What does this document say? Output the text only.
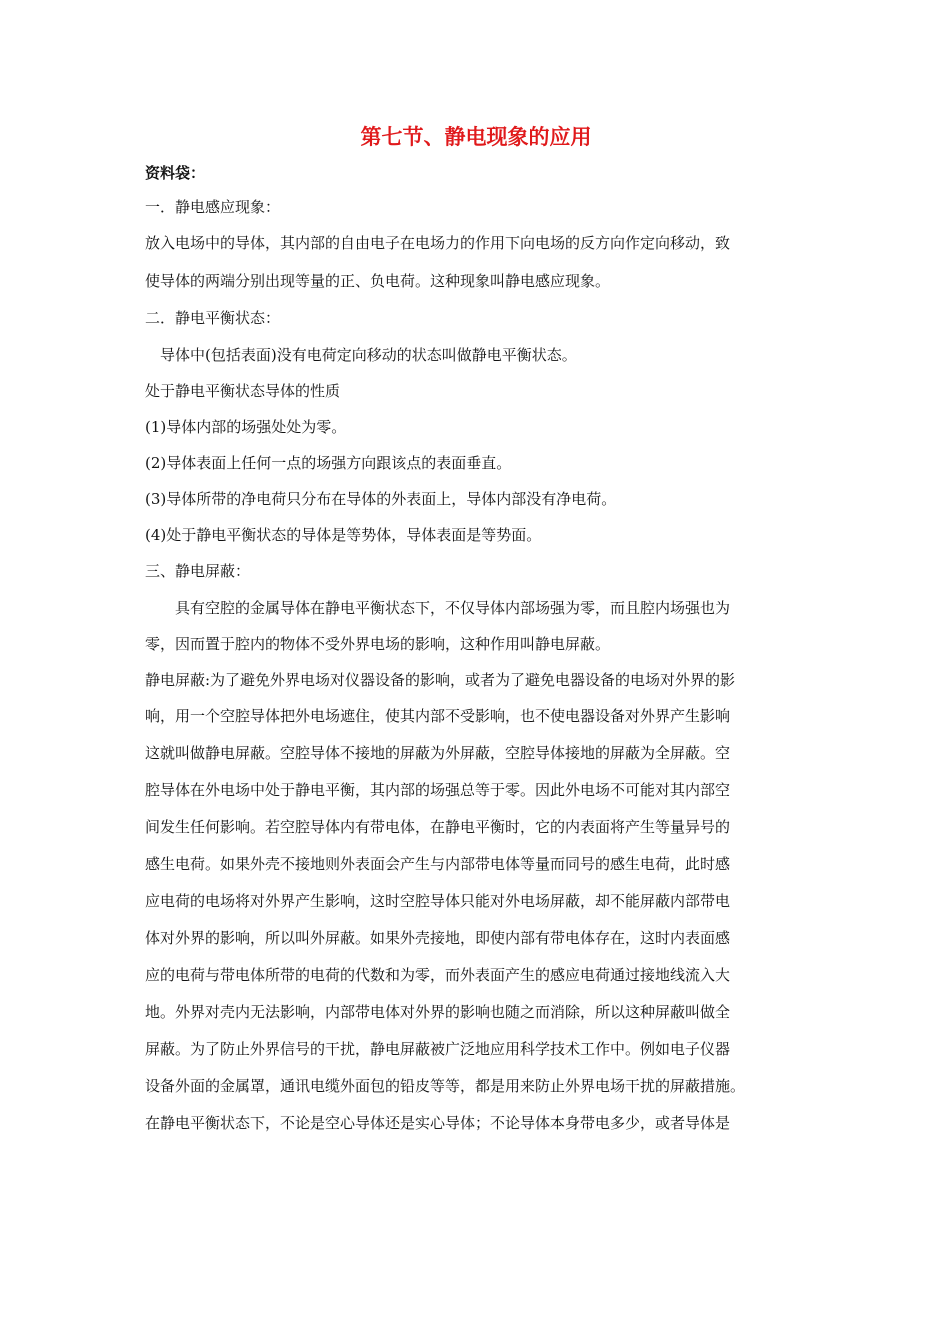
第七节、静电现象的应用
资料袋：
一．静电感应现象：
放入电场中的导体，其内部的自由电子在电场力的作用下向电场的反方向作定向移动，致
使导体的两端分别出现等量的正、负电荷。这种现象叫静电感应现象。
二．静电平衡状态：
导体中(包括表面)没有电荷定向移动的状态叫做静电平衡状态。
处于静电平衡状态导体的性质
(1)导体内部的场强处处为零。
(2)导体表面上任何一点的场强方向跟该点的表面垂直。
(3)导体所带的净电荷只分布在导体的外表面上，导体内部没有净电荷。
(4)处于静电平衡状态的导体是等势体，导体表面是等势面。
三、静电屏蔽：
具有空腔的金属导体在静电平衡状态下，不仅导体内部场强为零，而且腔内场强也为
零，因而置于腔内的物体不受外界电场的影响，这种作用叫静电屏蔽。
静电屏蔽:为了避免外界电场对仪器设备的影响，或者为了避免电器设备的电场对外界的影
响，用一个空腔导体把外电场遮住，使其内部不受影响，也不使电器设备对外界产生影响
这就叫做静电屏蔽。空腔导体不接地的屏蔽为外屏蔽，空腔导体接地的屏蔽为全屏蔽。空
腔导体在外电场中处于静电平衡，其内部的场强总等于零。因此外电场不可能对其内部空
间发生任何影响。若空腔导体内有带电体，在静电平衡时，它的内表面将产生等量异号的
感生电荷。如果外壳不接地则外表面会产生与内部带电体等量而同号的感生电荷，此时感
应电荷的电场将对外界产生影响，这时空腔导体只能对外电场屏蔽，却不能屏蔽内部带电
体对外界的影响，所以叫外屏蔽。如果外壳接地，即使内部有带电体存在，这时内表面感
应的电荷与带电体所带的电荷的代数和为零，而外表面产生的感应电荷通过接地线流入大
地。外界对壳内无法影响，内部带电体对外界的影响也随之而消除，所以这种屏蔽叫做全
屏蔽。为了防止外界信号的干扰，静电屏蔽被广泛地应用科学技术工作中。例如电子仪器
设备外面的金属罩，通讯电缆外面包的铅皮等等，都是用来防止外界电场干扰的屏蔽措施。
在静电平衡状态下，不论是空心导体还是实心导体；不论导体本身带电多少，或者导体是
